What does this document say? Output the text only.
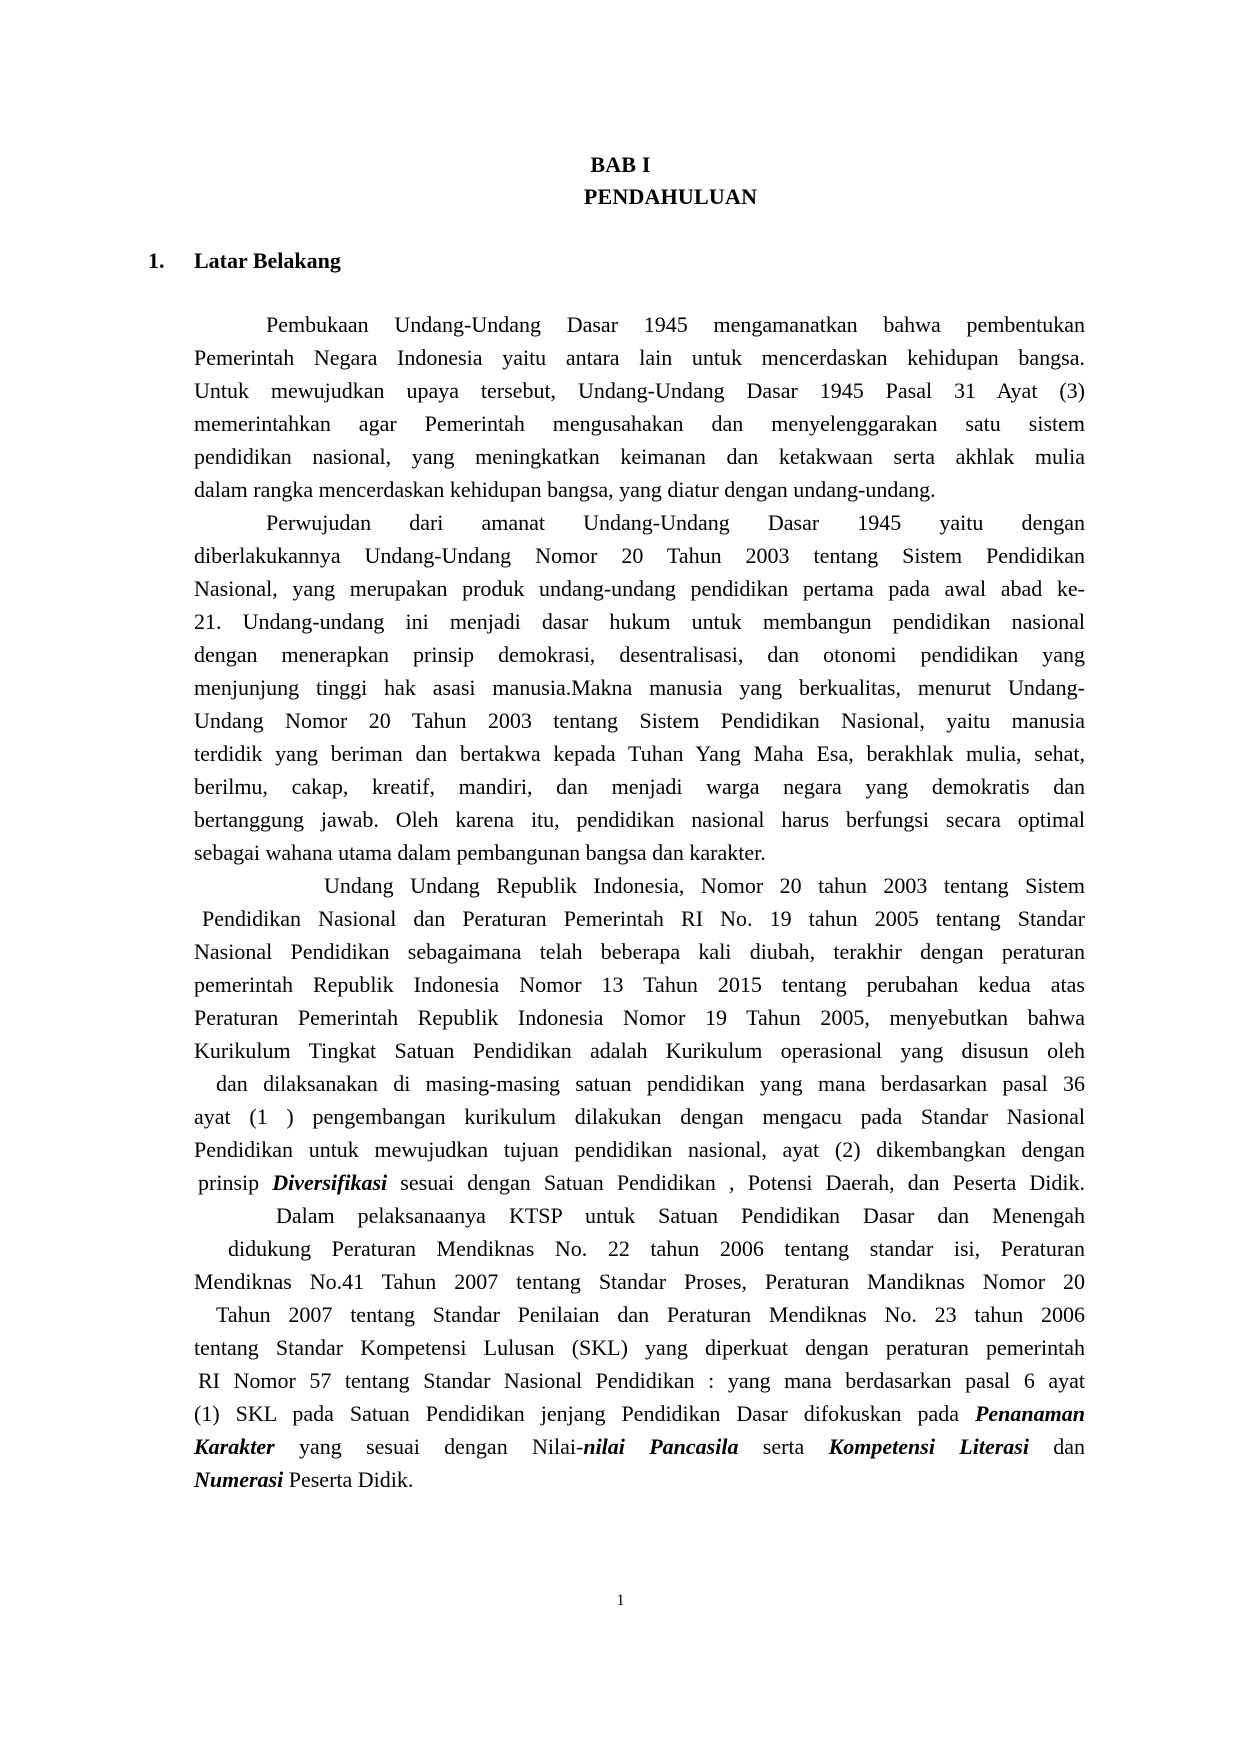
BAB I
PENDAHULUAN
1. Latar Belakang
Pembukaan Undang-Undang Dasar 1945 mengamanatkan bahwa pembentukan
Pemerintah Negara Indonesia yaitu antara lain untuk mencerdaskan kehidupan bangsa.
Untuk mewujudkan upaya tersebut, Undang-Undang Dasar 1945 Pasal 31 Ayat (3)
memerintahkan agar Pemerintah mengusahakan dan menyelenggarakan satu sistem
pendidikan nasional, yang meningkatkan keimanan dan ketakwaan serta akhlak mulia
dalam rangka mencerdaskan kehidupan bangsa, yang diatur dengan undang-undang.
Perwujudan dari amanat Undang-Undang Dasar 1945 yaitu dengan
diberlakukannya Undang-Undang Nomor 20 Tahun 2003 tentang Sistem Pendidikan
Nasional, yang merupakan produk undang-undang pendidikan pertama pada awal abad ke-
21. Undang-undang ini menjadi dasar hukum untuk membangun pendidikan nasional
dengan menerapkan prinsip demokrasi, desentralisasi, dan otonomi pendidikan yang
menjunjung tinggi hak asasi manusia.Makna manusia yang berkualitas, menurut Undang-
Undang Nomor 20 Tahun 2003 tentang Sistem Pendidikan Nasional, yaitu manusia
terdidik yang beriman dan bertakwa kepada Tuhan Yang Maha Esa, berakhlak mulia, sehat,
berilmu, cakap, kreatif, mandiri, dan menjadi warga negara yang demokratis dan
bertanggung jawab. Oleh karena itu, pendidikan nasional harus berfungsi secara optimal
sebagai wahana utama dalam pembangunan bangsa dan karakter.
Undang Undang Republik Indonesia, Nomor 20 tahun 2003 tentang Sistem
Pendidikan Nasional dan Peraturan Pemerintah RI No. 19 tahun 2005 tentang Standar
Nasional Pendidikan sebagaimana telah beberapa kali diubah, terakhir dengan peraturan
pemerintah Republik Indonesia Nomor 13 Tahun 2015 tentang perubahan kedua atas
Peraturan Pemerintah Republik Indonesia Nomor 19 Tahun 2005, menyebutkan bahwa
Kurikulum Tingkat Satuan Pendidikan adalah Kurikulum operasional yang disusun oleh
dan dilaksanakan di masing-masing satuan pendidikan yang mana berdasarkan pasal 36
ayat (1 ) pengembangan kurikulum dilakukan dengan mengacu pada Standar Nasional
Pendidikan untuk mewujudkan tujuan pendidikan nasional, ayat (2) dikembangkan dengan
prinsip Diversifikasi sesuai dengan Satuan Pendidikan , Potensi Daerah, dan Peserta Didik.
Dalam pelaksanaanya KTSP untuk Satuan Pendidikan Dasar dan Menengah
didukung Peraturan Mendiknas No. 22 tahun 2006 tentang standar isi, Peraturan
Mendiknas No.41 Tahun 2007 tentang Standar Proses, Peraturan Mandiknas Nomor 20
Tahun 2007 tentang Standar Penilaian dan Peraturan Mendiknas No. 23 tahun 2006
tentang Standar Kompetensi Lulusan (SKL) yang diperkuat dengan peraturan pemerintah
RI Nomor 57 tentang Standar Nasional Pendidikan : yang mana berdasarkan pasal 6 ayat
(1) SKL pada Satuan Pendidikan jenjang Pendidikan Dasar difokuskan pada Penanaman
Karakter yang sesuai dengan Nilai-nilai Pancasila serta Kompetensi Literasi dan
Numerasi Peserta Didik.
1
